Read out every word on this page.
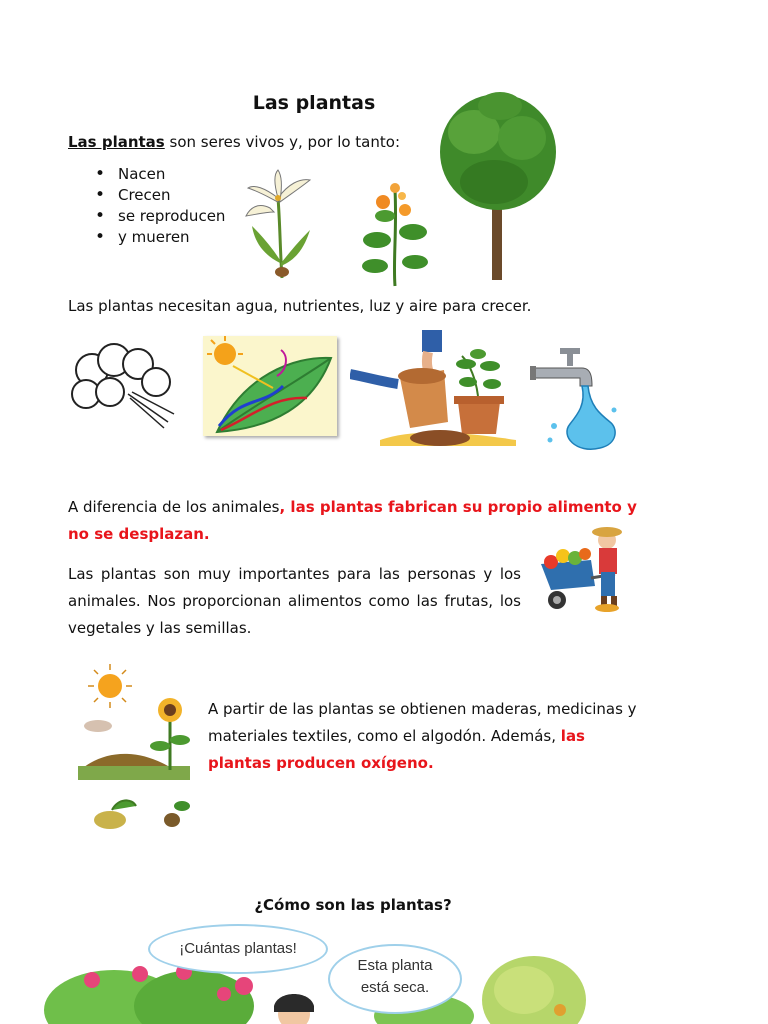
Las plantas
Las plantas son seres vivos y, por lo tanto:
• Nacen
• Crecen
• se reproducen
• y mueren
Las plantas necesitan agua, nutrientes, luz y aire para crecer.
A diferencia de los animales, las plantas fabrican su propio alimento y no se desplazan.
Las plantas son muy importantes para las personas y los animales. Nos proporcionan alimentos como las frutas, los vegetales y las semillas.
A partir de las plantas se obtienen maderas, medicinas y materiales textiles, como el algodón. Además, las plantas producen oxígeno.
¿Cómo son las plantas?
¡Cuántas plantas!
Esta planta
está seca.
